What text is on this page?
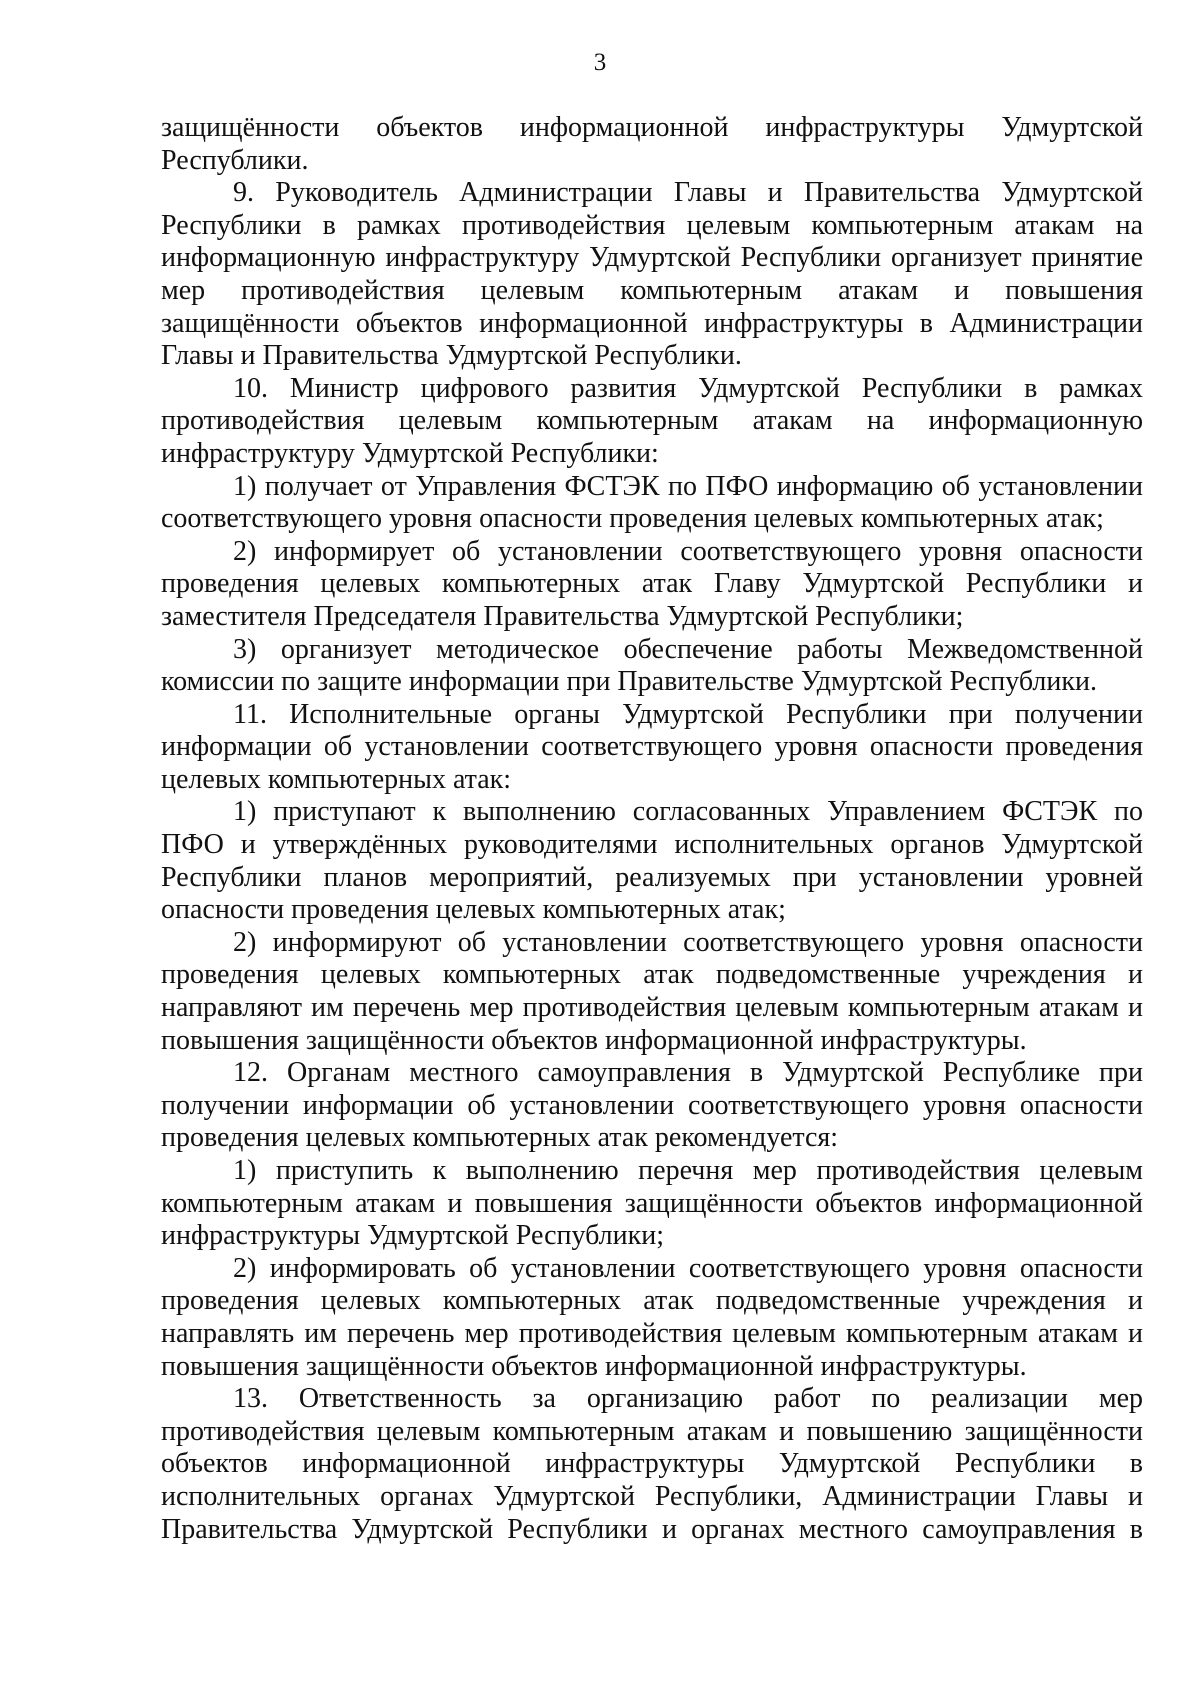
3

защищённости объектов информационной инфраструктуры Удмуртской Республики.

9. Руководитель Администрации Главы и Правительства Удмуртской Республики в рамках противодействия целевым компьютерным атакам на информационную инфраструктуру Удмуртской Республики организует принятие мер противодействия целевым компьютерным атакам и повышения защищённости объектов информационной инфраструктуры в Администрации Главы и Правительства Удмуртской Республики.

10. Министр цифрового развития Удмуртской Республики в рамках противодействия целевым компьютерным атакам на информационную инфраструктуру Удмуртской Республики:

1) получает от Управления ФСТЭК по ПФО информацию об установлении соответствующего уровня опасности проведения целевых компьютерных атак;

2) информирует об установлении соответствующего уровня опасности проведения целевых компьютерных атак Главу Удмуртской Республики и заместителя Председателя Правительства Удмуртской Республики;

3) организует методическое обеспечение работы Межведомственной комиссии по защите информации при Правительстве Удмуртской Республики.

11. Исполнительные органы Удмуртской Республики при получении информации об установлении соответствующего уровня опасности проведения целевых компьютерных атак:

1) приступают к выполнению согласованных Управлением ФСТЭК по ПФО и утверждённых руководителями исполнительных органов Удмуртской Республики планов мероприятий, реализуемых при установлении уровней опасности проведения целевых компьютерных атак;

2) информируют об установлении соответствующего уровня опасности проведения целевых компьютерных атак подведомственные учреждения и направляют им перечень мер противодействия целевым компьютерным атакам и повышения защищённости объектов информационной инфраструктуры.

12. Органам местного самоуправления в Удмуртской Республике при получении информации об установлении соответствующего уровня опасности проведения целевых компьютерных атак рекомендуется:

1) приступить к выполнению перечня мер противодействия целевым компьютерным атакам и повышения защищённости объектов информационной инфраструктуры Удмуртской Республики;

2) информировать об установлении соответствующего уровня опасности проведения целевых компьютерных атак подведомственные учреждения и направлять им перечень мер противодействия целевым компьютерным атакам и повышения защищённости объектов информационной инфраструктуры.

13. Ответственность за организацию работ по реализации мер противодействия целевым компьютерным атакам и повышению защищённости объектов информационной инфраструктуры Удмуртской Республики в исполнительных органах Удмуртской Республики, Администрации Главы и Правительства Удмуртской Республики и органах местного самоуправления в
